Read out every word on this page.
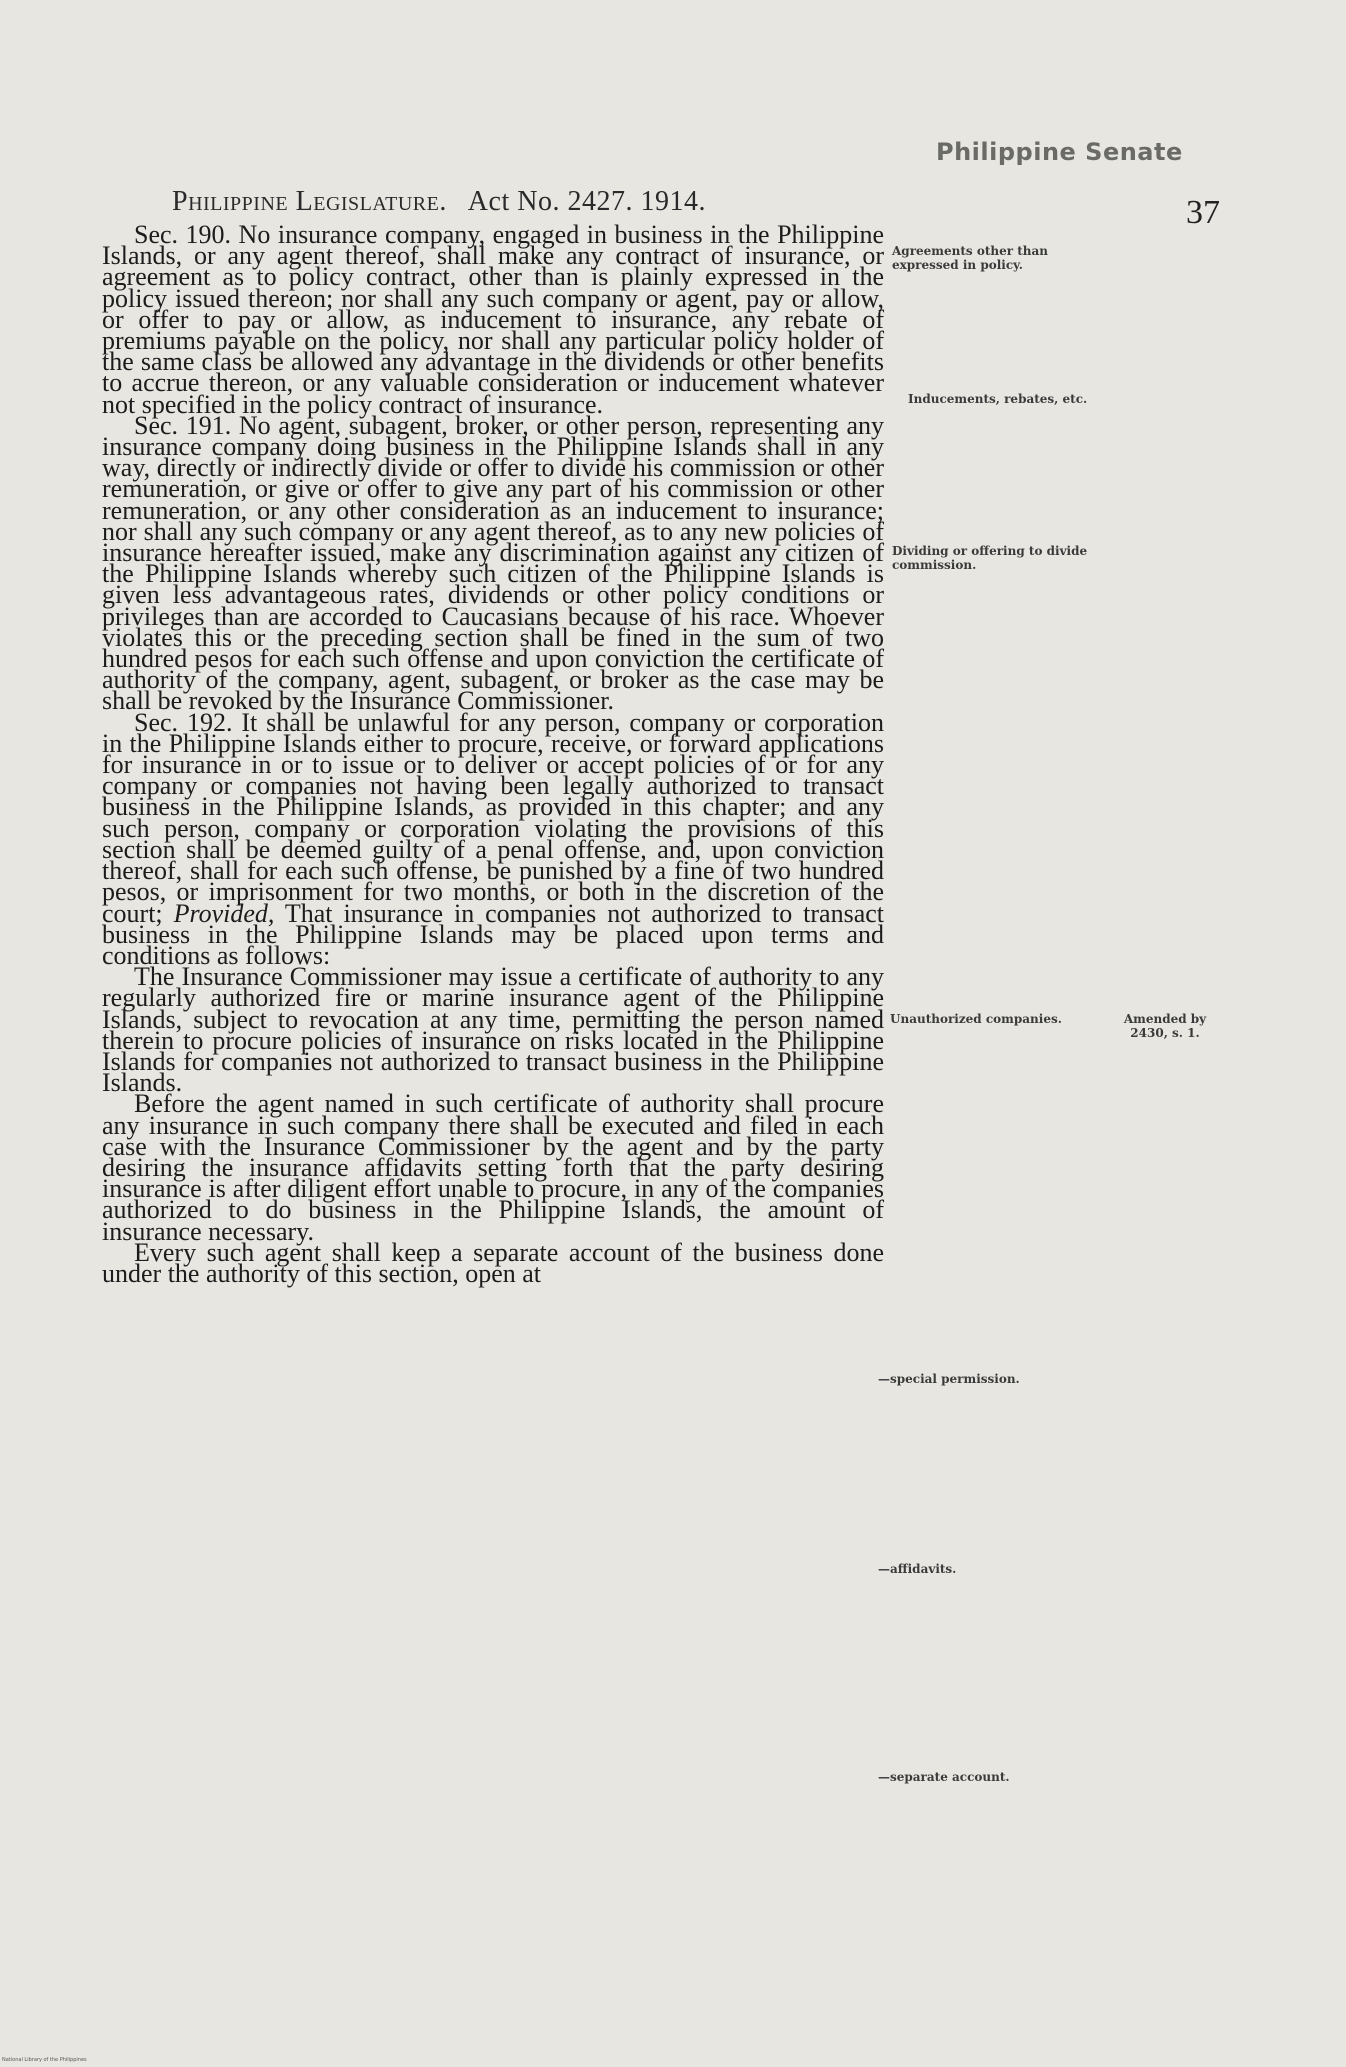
Philippine Senate
Philippine Legislature. Act No. 2427. 1914.	37

Sec. 190. No insurance company, engaged in business in the Philippine Islands, or any agent thereof, shall make any contract of insurance, or agreement as to policy contract, other than is plainly expressed in the policy issued thereon; nor shall any such company or agent, pay or allow, or offer to pay or allow, as inducement to insurance, any rebate of premiums payable on the policy, nor shall any particular policy holder of the same class be allowed any advantage in the dividends or other benefits to accrue thereon, or any valuable consideration or inducement whatever not specified in the policy contract of insurance.

Sec. 191. No agent, subagent, broker, or other person, representing any insurance company doing business in the Philippine Islands shall in any way, directly or indirectly divide or offer to divide his commission or other remuneration, or give or offer to give any part of his commission or other remuneration, or any other consideration as an inducement to insurance; nor shall any such company or any agent thereof, as to any new policies of insurance hereafter issued, make any discrimination against any citizen of the Philippine Islands whereby such citizen of the Philippine Islands is given less advantageous rates, dividends or other policy conditions or privileges than are accorded to Caucasians because of his race. Whoever violates this or the preceding section shall be fined in the sum of two hundred pesos for each such offense and upon conviction the certificate of authority of the company, agent, subagent, or broker as the case may be shall be revoked by the Insurance Commissioner.

Sec. 192. It shall be unlawful for any person, company or corporation in the Philippine Islands either to procure, receive, or forward applications for insurance in or to issue or to deliver or accept policies of or for any company or companies not having been legally authorized to transact business in the Philippine Islands, as provided in this chapter; and any such person, company or corporation violating the provisions of this section shall be deemed guilty of a penal offense, and, upon conviction thereof, shall for each such offense, be punished by a fine of two hundred pesos, or imprisonment for two months, or both in the discretion of the court; Provided, That insurance in companies not authorized to transact business in the Philippine Islands may be placed upon terms and conditions as follows:

The Insurance Commissioner may issue a certificate of authority to any regularly authorized fire or marine insurance agent of the Philippine Islands, subject to revocation at any time, permitting the person named therein to procure policies of insurance on risks located in the Philippine Islands for companies not authorized to transact business in the Philippine Islands.

Before the agent named in such certificate of authority shall procure any insurance in such company there shall be executed and filed in each case with the Insurance Commissioner by the agent and by the party desiring the insurance affidavits setting forth that the party desiring insurance is after diligent effort unable to procure, in any of the companies authorized to do business in the Philippine Islands, the amount of insurance necessary.

Every such agent shall keep a separate account of the business done under the authority of this section, open at

Agreements other than expressed in policy.
Inducements, rebates, etc.
Dividing or offering to divide commission.
Unauthorized companies.	Amended by 2430, s. 1.
—special permission.
—affidavits.
—separate account.
National Library of the Philippines
